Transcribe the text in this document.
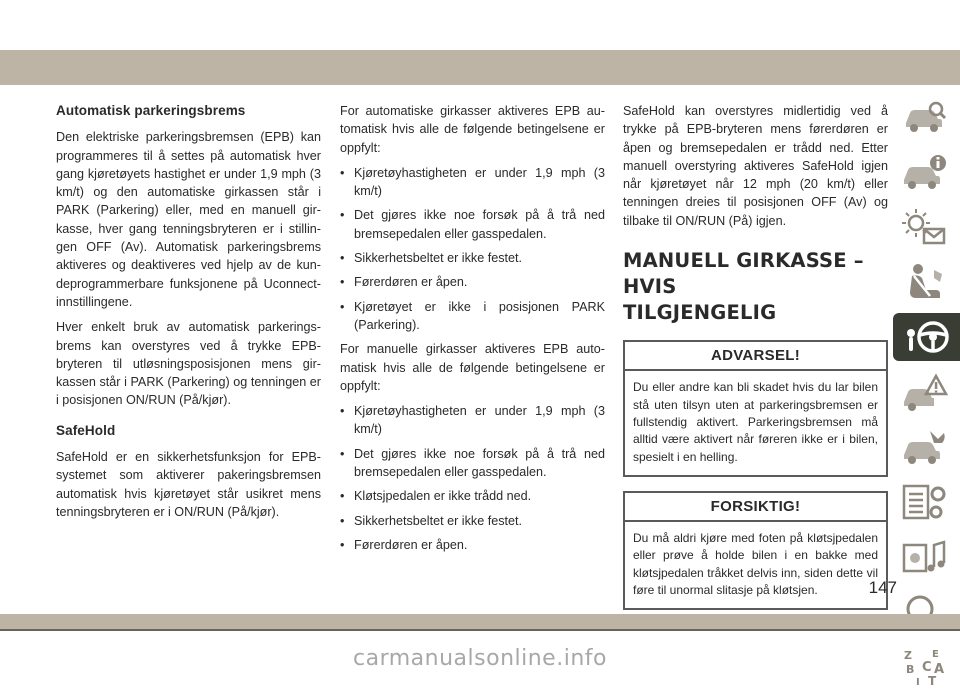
Automatisk parkeringsbrems

Den elektriske parkeringsbremsen (EPB) kan programmeres til å settes på automatisk hver gang kjøretøyets hastighet er under 1,9 mph (3 km/t) og den automatiske girkassen står i PARK (Parkering) eller, med en manuell girkasse, hver gang tenningsbryteren er i stillingen OFF (Av). Automatisk parkeringsbrems aktiveres og deaktiveres ved hjelp av de kundeprogrammerbare funksjonene på Uconnect-innstillingene.

Hver enkelt bruk av automatisk parkeringsbrems kan overstyres ved å trykke EPB-bryteren til utløsningsposisjonen mens girkassen står i PARK (Parkering) og tenningen er i posisjonen ON/RUN (På/kjør).

SafeHold

SafeHold er en sikkerhetsfunksjon for EPB-systemet som aktiverer pakeringsbremsen automatisk hvis kjøretøyet står usikret mens tenningsbryteren er i ON/RUN (På/kjør).

For automatiske girkasser aktiveres EPB automatisk hvis alle de følgende betingelsene er oppfylt:

• Kjøretøyhastigheten er under 1,9 mph (3 km/t)
• Det gjøres ikke noe forsøk på å trå ned bremsepedalen eller gasspedalen.
• Sikkerhetsbeltet er ikke festet.
• Førerdøren er åpen.
• Kjøretøyet er ikke i posisjonen PARK (Parkering).

For manuelle girkasser aktiveres EPB automatisk hvis alle de følgende betingelsene er oppfylt:

• Kjøretøyhastigheten er under 1,9 mph (3 km/t)
• Det gjøres ikke noe forsøk på å trå ned bremsepedalen eller gasspedalen.
• Kløtsjpedalen er ikke trådd ned.
• Sikkerhetsbeltet er ikke festet.
• Førerdøren er åpen.

SafeHold kan overstyres midlertidig ved å trykke på EPB-bryteren mens førerdøren er åpen og bremsepedalen er trådd ned. Etter manuell overstyring aktiveres SafeHold igjen når kjøretøyet når 12 mph (20 km/t) eller tenningen dreies til posisjonen OFF (Av) og tilbake til ON/RUN (På) igjen.

MANUELL GIRKASSE – HVIS
TILGJENGELIG
ADVARSEL!
Du eller andre kan bli skadet hvis du lar bilen stå uten tilsyn uten at parkeringsbremsen er fullstendig aktivert. Parkeringsbremsen må alltid være aktivert når føreren ikke er i bilen, spesielt i en helling.
FORSIKTIG!
Du må aldri kjøre med foten på kløtsjpedalen eller prøve å holde bilen i en bakke med kløtsjpedalen tråkket delvis inn, siden dette vil føre til unormal slitasje på kløtsjen.
Z E
B A
I
C
T
147
carmanualsonline.info
